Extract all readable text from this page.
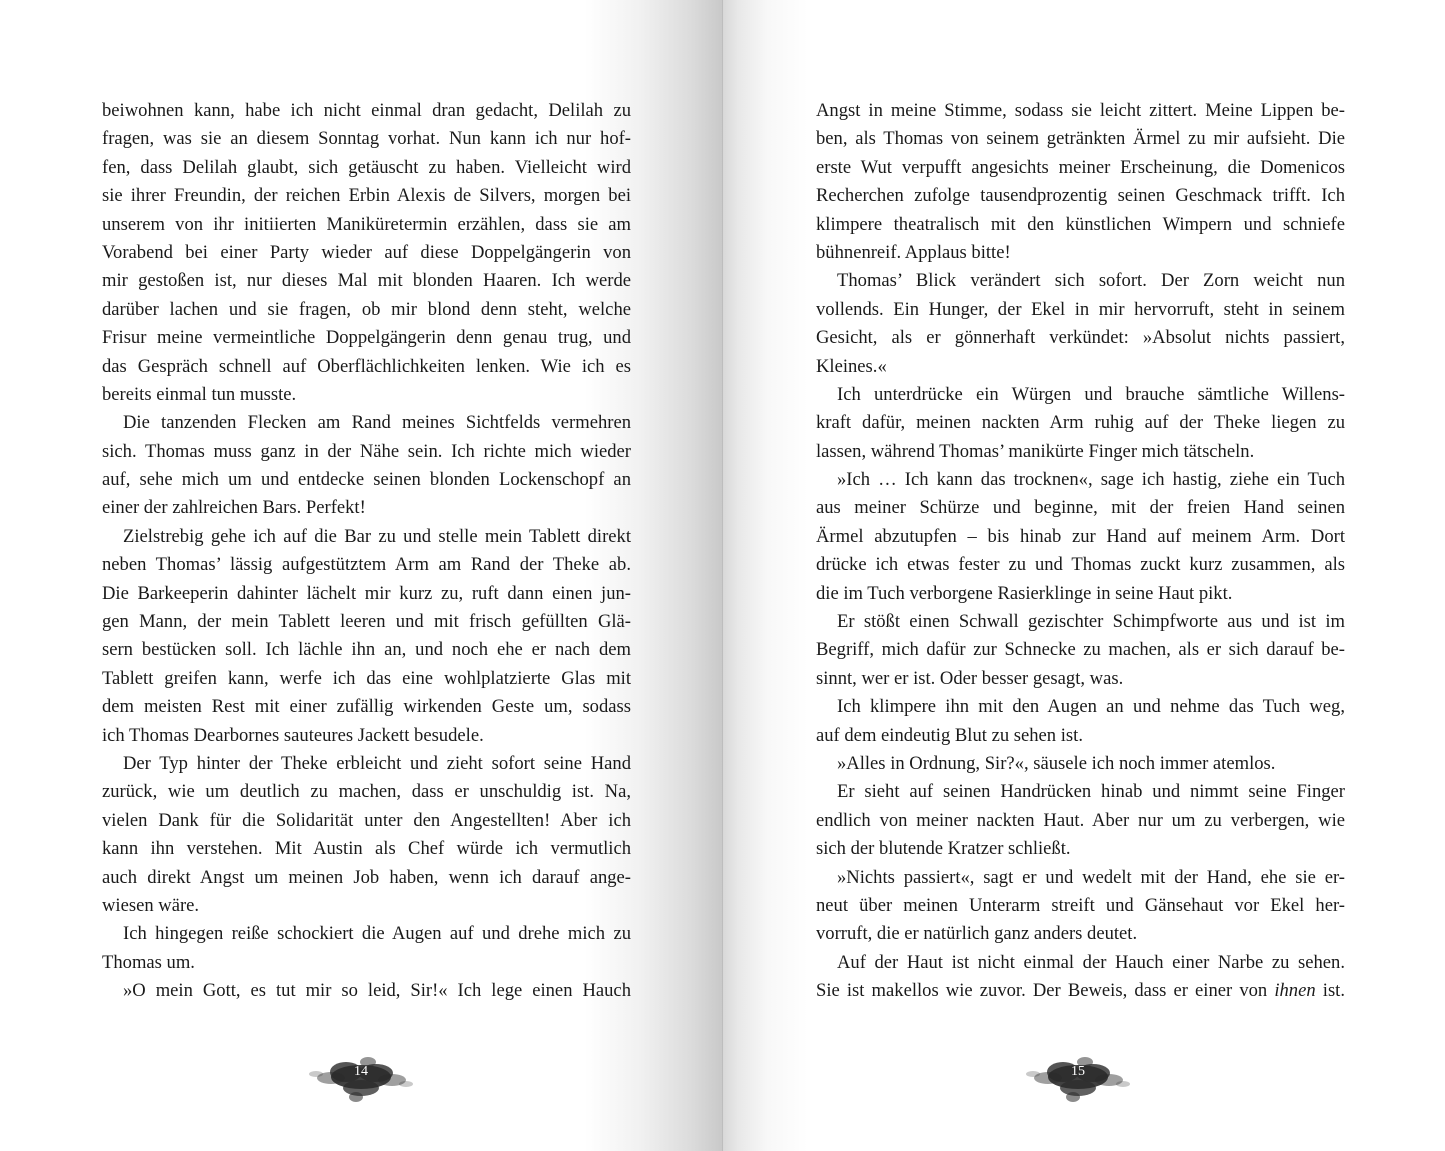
beiwohnen kann, habe ich nicht einmal dran gedacht, Delilah zu
fragen, was sie an diesem Sonntag vorhat. Nun kann ich nur hof-
fen, dass Delilah glaubt, sich getäuscht zu haben. Vielleicht wird
sie ihrer Freundin, der reichen Erbin Alexis de Silvers, morgen bei
unserem von ihr initiierten Maniküretermin erzählen, dass sie am
Vorabend bei einer Party wieder auf diese Doppelgängerin von
mir gestoßen ist, nur dieses Mal mit blonden Haaren. Ich werde
darüber lachen und sie fragen, ob mir blond denn steht, welche
Frisur meine vermeintliche Doppelgängerin denn genau trug, und
das Gespräch schnell auf Oberflächlichkeiten lenken. Wie ich es
bereits einmal tun musste.
Die tanzenden Flecken am Rand meines Sichtfelds vermehren
sich. Thomas muss ganz in der Nähe sein. Ich richte mich wieder
auf, sehe mich um und entdecke seinen blonden Lockenschopf an
einer der zahlreichen Bars. Perfekt!
Zielstrebig gehe ich auf die Bar zu und stelle mein Tablett direkt
neben Thomas’ lässig aufgestütztem Arm am Rand der Theke ab.
Die Barkeeperin dahinter lächelt mir kurz zu, ruft dann einen jun-
gen Mann, der mein Tablett leeren und mit frisch gefüllten Glä-
sern bestücken soll. Ich lächle ihn an, und noch ehe er nach dem
Tablett greifen kann, werfe ich das eine wohlplatzierte Glas mit
dem meisten Rest mit einer zufällig wirkenden Geste um, sodass
ich Thomas Dearbornes sauteures Jackett besudele.
Der Typ hinter der Theke erbleicht und zieht sofort seine Hand
zurück, wie um deutlich zu machen, dass er unschuldig ist. Na,
vielen Dank für die Solidarität unter den Angestellten! Aber ich
kann ihn verstehen. Mit Austin als Chef würde ich vermutlich
auch direkt Angst um meinen Job haben, wenn ich darauf ange-
wiesen wäre.
Ich hingegen reiße schockiert die Augen auf und drehe mich zu
Thomas um.
»O mein Gott, es tut mir so leid, Sir!« Ich lege einen Hauch
14
Angst in meine Stimme, sodass sie leicht zittert. Meine Lippen be-
ben, als Thomas von seinem getränkten Ärmel zu mir aufsieht. Die
erste Wut verpufft angesichts meiner Erscheinung, die Domenicos
Recherchen zufolge tausendprozentig seinen Geschmack trifft. Ich
klimpere theatralisch mit den künstlichen Wimpern und schniefe
bühnenreif. Applaus bitte!
Thomas’ Blick verändert sich sofort. Der Zorn weicht nun
vollends. Ein Hunger, der Ekel in mir hervorruft, steht in seinem
Gesicht, als er gönnerhaft verkündet: »Absolut nichts passiert,
Kleines.«
Ich unterdrücke ein Würgen und brauche sämtliche Willens-
kraft dafür, meinen nackten Arm ruhig auf der Theke liegen zu
lassen, während Thomas’ manikürte Finger mich tätscheln.
»Ich … Ich kann das trocknen«, sage ich hastig, ziehe ein Tuch
aus meiner Schürze und beginne, mit der freien Hand seinen
Ärmel abzutupfen – bis hinab zur Hand auf meinem Arm. Dort
drücke ich etwas fester zu und Thomas zuckt kurz zusammen, als
die im Tuch verborgene Rasierklinge in seine Haut pikt.
Er stößt einen Schwall gezischter Schimpfworte aus und ist im
Begriff, mich dafür zur Schnecke zu machen, als er sich darauf be-
sinnt, wer er ist. Oder besser gesagt, was.
Ich klimpere ihn mit den Augen an und nehme das Tuch weg,
auf dem eindeutig Blut zu sehen ist.
»Alles in Ordnung, Sir?«, säusele ich noch immer atemlos.
Er sieht auf seinen Handrücken hinab und nimmt seine Finger
endlich von meiner nackten Haut. Aber nur um zu verbergen, wie
sich der blutende Kratzer schließt.
»Nichts passiert«, sagt er und wedelt mit der Hand, ehe sie er-
neut über meinen Unterarm streift und Gänsehaut vor Ekel her-
vorruft, die er natürlich ganz anders deutet.
Auf der Haut ist nicht einmal der Hauch einer Narbe zu sehen.
Sie ist makellos wie zuvor. Der Beweis, dass er einer von ihnen ist.
15
